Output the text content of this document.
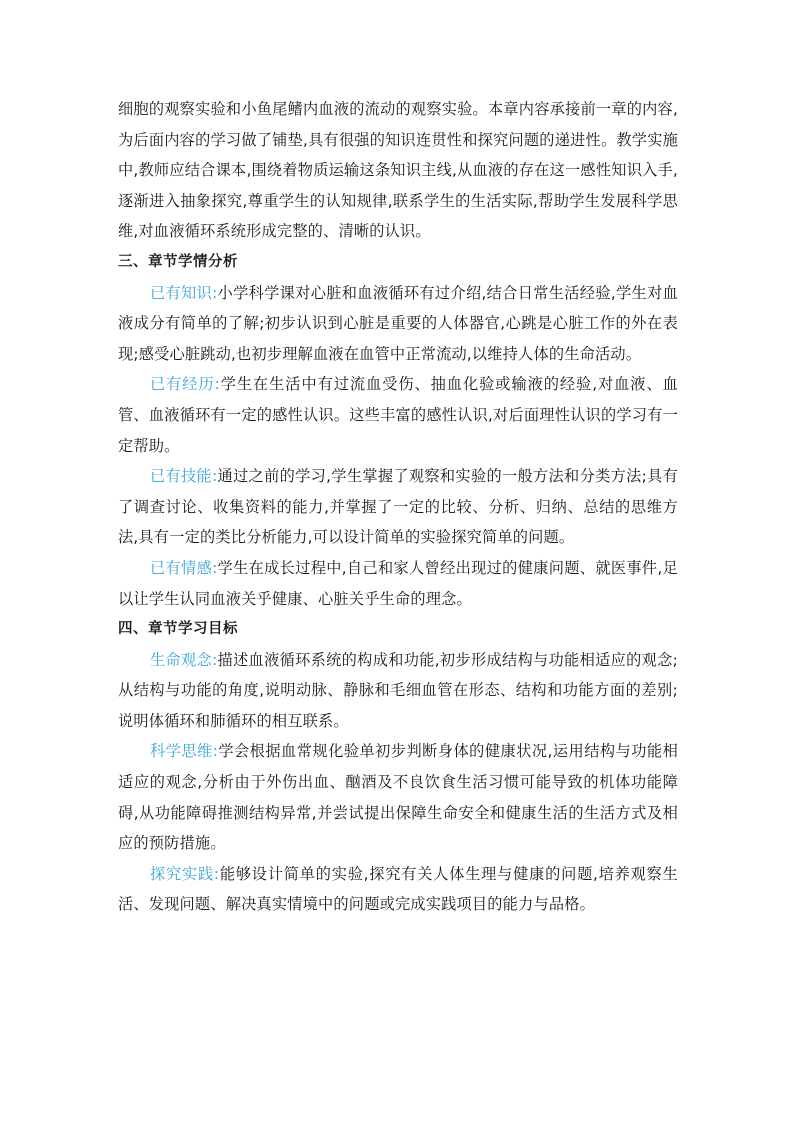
细胞的观察实验和小鱼尾鳍内血液的流动的观察实验。本章内容承接前一章的内容,为后面内容的学习做了铺垫,具有很强的知识连贯性和探究问题的递进性。教学实施中,教师应结合课本,围绕着物质运输这条知识主线,从血液的存在这一感性知识入手,逐渐进入抽象探究,尊重学生的认知规律,联系学生的生活实际,帮助学生发展科学思维,对血液循环系统形成完整的、清晰的认识。

三、章节学情分析

已有知识:小学科学课对心脏和血液循环有过介绍,结合日常生活经验,学生对血液成分有简单的了解;初步认识到心脏是重要的人体器官,心跳是心脏工作的外在表现;感受心脏跳动,也初步理解血液在血管中正常流动,以维持人体的生命活动。

已有经历:学生在生活中有过流血受伤、抽血化验或输液的经验,对血液、血管、血液循环有一定的感性认识。这些丰富的感性认识,对后面理性认识的学习有一定帮助。

已有技能:通过之前的学习,学生掌握了观察和实验的一般方法和分类方法;具有了调查讨论、收集资料的能力,并掌握了一定的比较、分析、归纳、总结的思维方法,具有一定的类比分析能力,可以设计简单的实验探究简单的问题。

已有情感:学生在成长过程中,自己和家人曾经出现过的健康问题、就医事件,足以让学生认同血液关乎健康、心脏关乎生命的理念。

四、章节学习目标

生命观念:描述血液循环系统的构成和功能,初步形成结构与功能相适应的观念;从结构与功能的角度,说明动脉、静脉和毛细血管在形态、结构和功能方面的差别;说明体循环和肺循环的相互联系。

科学思维:学会根据血常规化验单初步判断身体的健康状况,运用结构与功能相适应的观念,分析由于外伤出血、酗酒及不良饮食生活习惯可能导致的机体功能障碍,从功能障碍推测结构异常,并尝试提出保障生命安全和健康生活的生活方式及相应的预防措施。

探究实践:能够设计简单的实验,探究有关人体生理与健康的问题,培养观察生活、发现问题、解决真实情境中的问题或完成实践项目的能力与品格。
